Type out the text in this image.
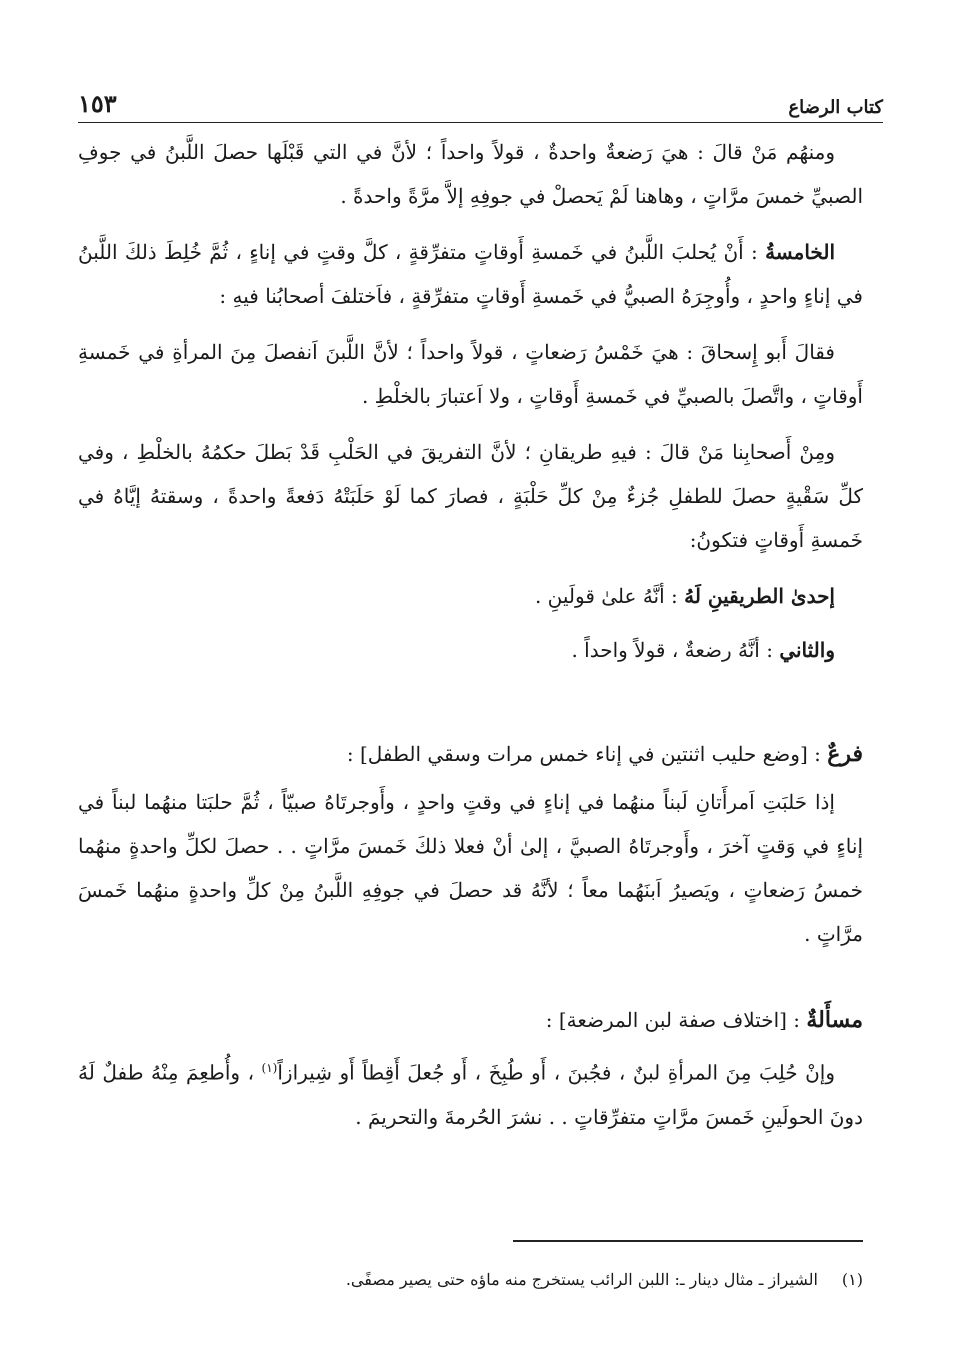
كتاب الرضاع
١٥٣

ومنهُم مَنْ قالَ : هيَ رَضعةٌ واحدةٌ ، قولاً واحداً ؛ لأنَّ في التي قَبْلَها حصلَ اللَّبنُ في جوفِ الصبيِّ خمسَ مرَّاتٍ ، وهاهنا لَمْ يَحصلْ في جوفِهِ إلاَّ مرَّةً واحدةً .

الخامسةُ : أَنْ يُحلبَ اللَّبنُ في خَمسةِ أَوقاتٍ متفرِّقةٍ ، كلَّ وقتٍ في إناءٍ ، ثُمَّ خُلِطَ ذلكَ اللَّبنُ في إناءٍ واحدٍ ، وأُوجِرَهُ الصبيُّ في خَمسةِ أَوقاتٍ متفرِّقةٍ ، فاَختلفَ أصحابُنا فيهِ :

فقالَ أَبو إِسحاقَ : هيَ خَمْسُ رَضعاتٍ ، قولاً واحداً ؛ لأنَّ اللَّبنَ اَنفصلَ مِنَ المرأةِ في خَمسةِ أَوقاتٍ ، واتَّصلَ بالصبيِّ في خَمسةِ أَوقاتٍ ، ولا اَعتبارَ بالخلْطِ .

ومِنْ أَصحابِنا مَنْ قالَ : فيهِ طريقانِ ؛ لأنَّ التفريقَ في الحَلْبِ قَدْ بَطلَ حكمُهُ بالخلْطِ ، وفي كلِّ سَقْيةٍ حصلَ للطفلِ جُزءٌ مِنْ كلِّ حَلْبَةٍ ، فصارَ كما لَوْ حَلَبَتْهُ دَفعةً واحدةً ، وسقتهُ إيَّاهُ في خَمسةِ أَوقاتٍ فتكونُ:

إحدىٰ الطريقينِ لَهُ : أنَّهُ علىٰ قولَينِ .

والثاني : أنَّهُ رضعةٌ ، قولاً واحداً .

فرعٌ : [وضع حليب اثنتين في إناء خمس مرات وسقي الطفل] :

إذا حَلبَتِ اَمرأَتانِ لَبناً منهُما في إناءٍ في وقتٍ واحدٍ ، وأَوجرتَاهُ صبيّاً ، ثُمَّ حلبَتا منهُما لبناً في إناءٍ في وَقتٍ آخرَ ، وأَوجرتَاهُ الصبيَّ ، إلىٰ أنْ فعلا ذلكَ خَمسَ مرَّاتٍ . . حصلَ لكلِّ واحدةٍ منهُما خمسُ رَضعاتٍ ، ويَصيرُ اَبنَهُما معاً ؛ لأنَّهُ قد حصلَ في جوفِهِ اللَّبنُ مِنْ كلِّ واحدةٍ منهُما خَمسَ مرَّاتٍ .

مسأَلةٌ : [اختلاف صفة لبن المرضعة] :

وإنْ حُلِبَ مِنَ المرأةِ لبنٌ ، فجُبنَ ، أَو طُبِخَ ، أَو جُعلَ أَقِطاً أَو شِيرازاً$^{(١)}$ ، وأُطعِمَ مِنْهُ طفلٌ لَهُ دونَ الحولَينِ خَمسَ مرَّاتٍ متفرِّقاتٍ . . نشرَ الحُرمةَ والتحريمَ .

(١)الشيراز ـ مثال دينار ـ: اللبن الرائب يستخرج منه ماؤه حتى يصير مصفًى.
